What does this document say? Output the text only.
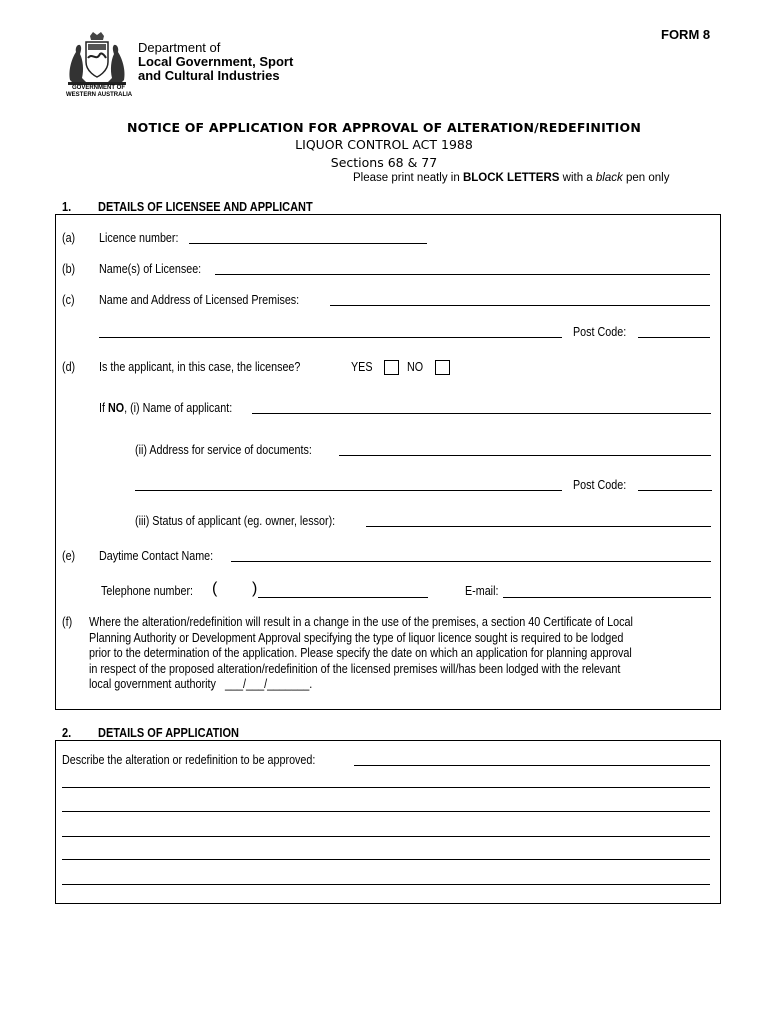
FORM 8
GOVERNMENT OF
WESTERN AUSTRALIA
Department of
Local Government, Sport
and Cultural Industries
NOTICE OF APPLICATION FOR APPROVAL OF ALTERATION/REDEFINITION
LIQUOR CONTROL ACT 1988
Sections 68 & 77
Please print neatly in BLOCK LETTERS with a black pen only
1. DETAILS OF LICENSEE AND APPLICANT
(a) Licence number:
(b) Name(s) of Licensee:
(c) Name and Address of Licensed Premises:
Post Code:
(d) Is the applicant, in this case, the licensee?	YES	NO
If NO, (i) Name of applicant:
(ii) Address for service of documents:
Post Code:
(iii) Status of applicant (eg. owner, lessor):
(e) Daytime Contact Name:
Telephone number: ( )	E-mail:
(f) Where the alteration/redefinition will result in a change in the use of the premises, a section 40 Certificate of Local
Planning Authority or Development Approval specifying the type of liquor licence sought is required to be lodged
prior to the determination of the application. Please specify the date on which an application for planning approval
in respect of the proposed alteration/redefinition of the licensed premises will/has been lodged with the relevant
local government authority ___/___/_______.
2. DETAILS OF APPLICATION
Describe the alteration or redefinition to be approved:
